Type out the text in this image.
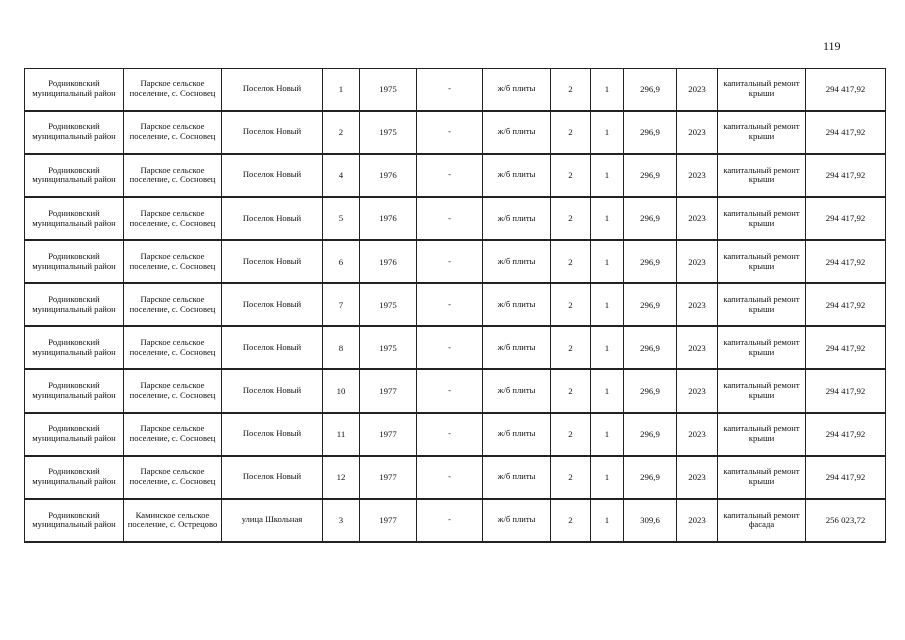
119
Родниковский муниципальный район	Парское сельское поселение, с. Сосновец	Поселок Новый	1	1975	-	ж/б плиты	2	1	296,9	2023	капитальный ремонт крыши	294 417,92
Родниковский муниципальный район	Парское сельское поселение, с. Сосновец	Поселок Новый	2	1975	-	ж/б плиты	2	1	296,9	2023	капитальный ремонт крыши	294 417,92
Родниковский муниципальный район	Парское сельское поселение, с. Сосновец	Поселок Новый	4	1976	-	ж/б плиты	2	1	296,9	2023	капитальный ремонт крыши	294 417,92
Родниковский муниципальный район	Парское сельское поселение, с. Сосновец	Поселок Новый	5	1976	-	ж/б плиты	2	1	296,9	2023	капитальный ремонт крыши	294 417,92
Родниковский муниципальный район	Парское сельское поселение, с. Сосновец	Поселок Новый	6	1976	-	ж/б плиты	2	1	296,9	2023	капитальный ремонт крыши	294 417,92
Родниковский муниципальный район	Парское сельское поселение, с. Сосновец	Поселок Новый	7	1975	-	ж/б плиты	2	1	296,9	2023	капитальный ремонт крыши	294 417,92
Родниковский муниципальный район	Парское сельское поселение, с. Сосновец	Поселок Новый	8	1975	-	ж/б плиты	2	1	296,9	2023	капитальный ремонт крыши	294 417,92
Родниковский муниципальный район	Парское сельское поселение, с. Сосновец	Поселок Новый	10	1977	-	ж/б плиты	2	1	296,9	2023	капитальный ремонт крыши	294 417,92
Родниковский муниципальный район	Парское сельское поселение, с. Сосновец	Поселок Новый	11	1977	-	ж/б плиты	2	1	296,9	2023	капитальный ремонт крыши	294 417,92
Родниковский муниципальный район	Парское сельское поселение, с. Сосновец	Поселок Новый	12	1977	-	ж/б плиты	2	1	296,9	2023	капитальный ремонт крыши	294 417,92
Родниковский муниципальный район	Каминское сельское поселение, с. Острецово	улица Школьная	3	1977	-	ж/б плиты	2	1	309,6	2023	капитальный ремонт фасада	256 023,72
